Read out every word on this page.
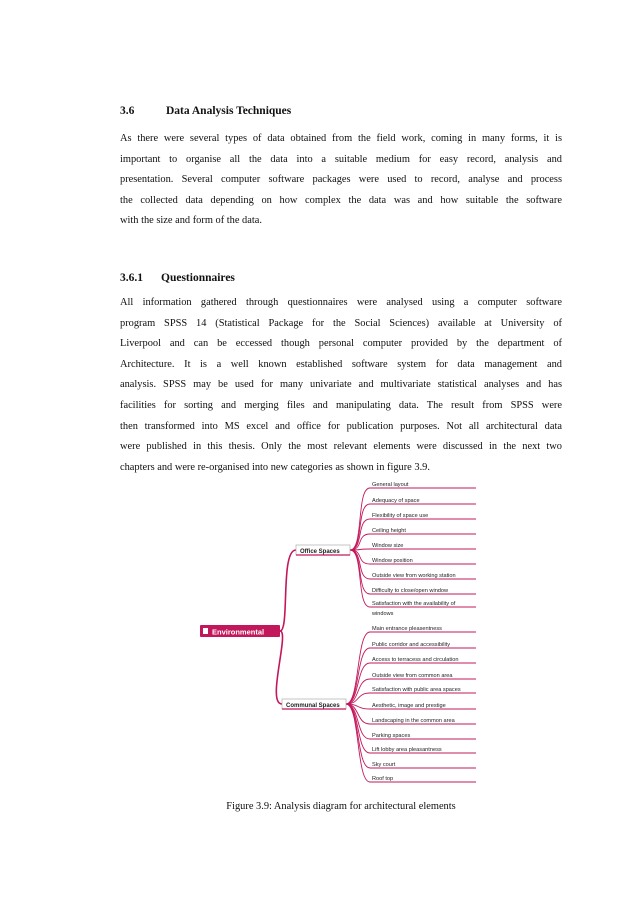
3.6	Data Analysis Techniques

As there were several types of data obtained from the field work, coming in many forms, it is
important to organise all the data into a suitable medium for easy record, analysis and
presentation. Several computer software packages were used to record, analyse and process
the collected data depending on how complex the data was and how suitable the software
with the size and form of the data.

3.6.1 Questionnaires

All information gathered through questionnaires were analysed using a computer software
program SPSS 14 (Statistical Package for the Social Sciences) available at University of
Liverpool and can be eccessed though personal computer provided by the department of
Architecture. It is a well known established software system for data management and
analysis. SPSS may be used for many univariate and multivariate statistical analyses and has
facilities for sorting and merging files and manipulating data. The result from SPSS were
then transformed into MS excel and office for publication purposes. Not all architectural data
were published in this thesis. Only the most relevant elements were discussed in the next two
chapters and were re-organised into new categories as shown in figure 3.9.

Environmental
Office Spaces
General layout
Adequacy of space
Flexibility of space use
Ceiling height
Window size
Window position
Outside view from working station
Difficulty to close/open window
Satisfaction with the availability of
windows
Communal Spaces
Main entrance pleasentness
Public corridor and accessibility
Access to terracess and circulation
Outside view from common area
Satisfaction with public area spaces
Aesthetic, image and prestige
Landscaping in the common area
Parking spaces
Lift lobby area pleasantness
Sky court
Roof top
Figure 3.9: Analysis diagram for architectural elements
